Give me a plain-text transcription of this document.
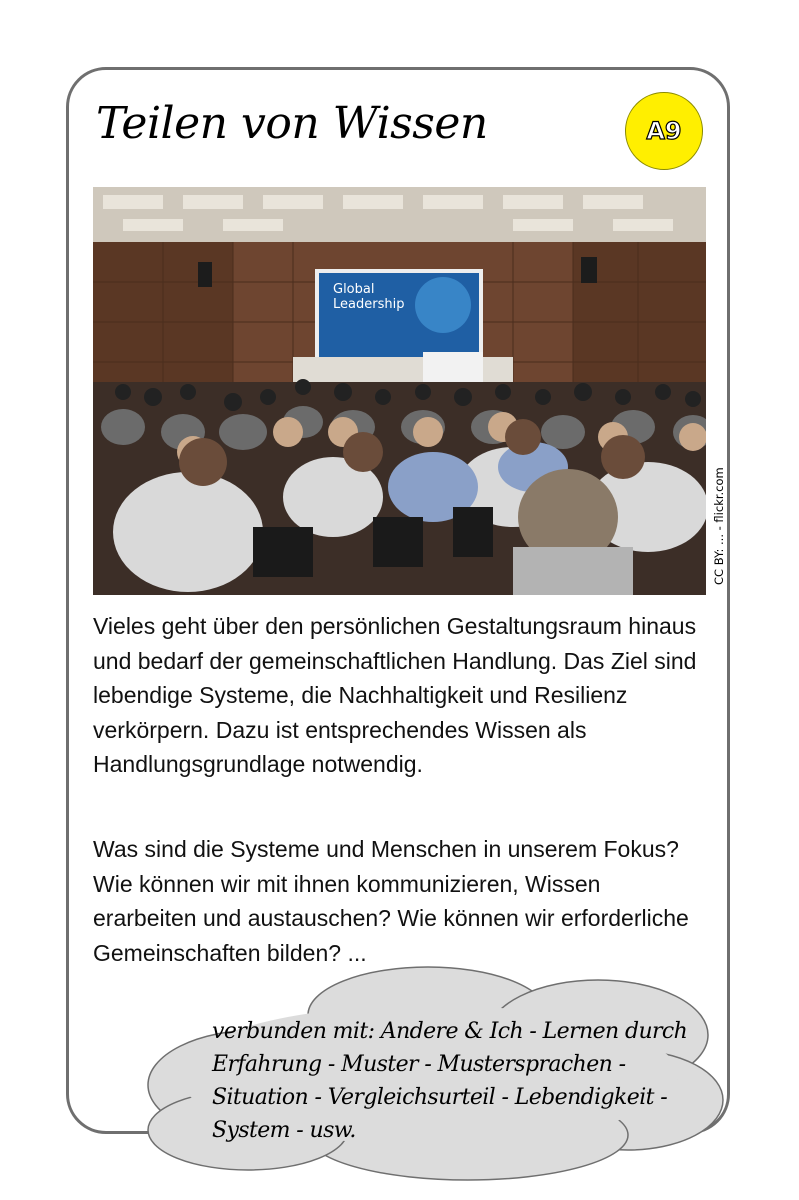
Teilen von Wissen	A9
Global
Leadership
CC BY: ... - flickr.com

Vieles geht über den persönlichen Gestaltungsraum hinaus und bedarf der gemeinschaftlichen Handlung. Das Ziel sind lebendige Systeme, die Nachhaltigkeit und Resilienz verkörpern. Dazu ist entsprechendes Wissen als Handlungsgrundlage notwendig.

Was sind die Systeme und Menschen in unserem Fokus? Wie können wir mit ihnen kommunizieren, Wissen erarbeiten und austauschen? Wie können wir erforderliche Gemeinschaften bilden? ...

verbunden mit: Andere & Ich - Lernen durch Erfahrung - Muster - Mustersprachen - Situation - Vergleichsurteil - Lebendigkeit - System - usw.
